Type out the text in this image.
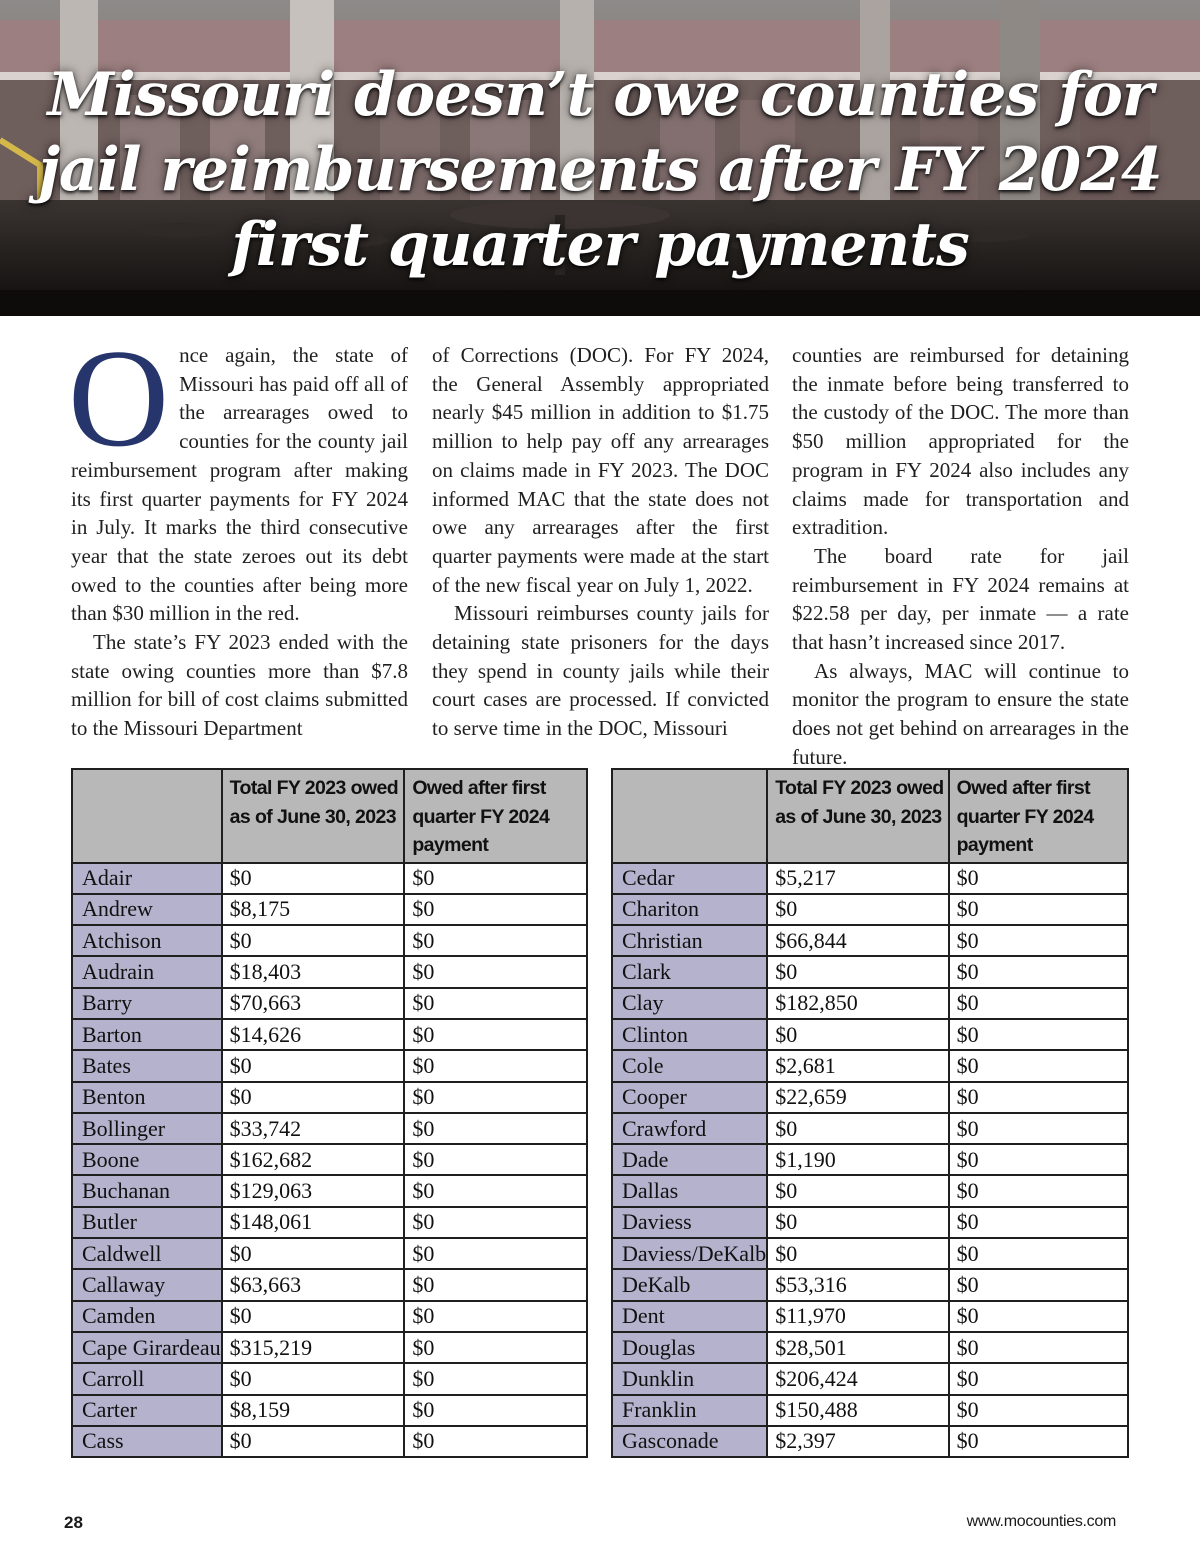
Missouri doesn’t owe counties for
jail reimbursements after FY 2024
first quarter payments

Once again, the state of Missouri has paid off all of the arrearages owed to counties for the county jail reimbursement program after making its first quarter payments for FY 2024 in July. It marks the third consecutive year that the state zeroes out its debt owed to the counties after being more than $30 million in the red.

The state’s FY 2023 ended with the state owing counties more than $7.8 million for bill of cost claims submitted to the Missouri Department

of Corrections (DOC). For FY 2024, the General Assembly appropriated nearly $45 million in addition to $1.75 million to help pay off any arrearages on claims made in FY 2023. The DOC informed MAC that the state does not owe any arrearages after the first quarter payments were made at the start of the new fiscal year on July 1, 2022.

Missouri reimburses county jails for detaining state prisoners for the days they spend in county jails while their court cases are processed. If convicted to serve time in the DOC, Missouri

counties are reimbursed for detaining the inmate before being transferred to the custody of the DOC. The more than $50 million appropriated for the program in FY 2024 also includes any claims made for transportation and extradition.

The board rate for jail reimbursement in FY 2024 remains at $22.58 per day, per inmate — a rate that hasn’t increased since 2017.

As always, MAC will continue to monitor the program to ensure the state does not get behind on arrearages in the future.

	Total FY 2023 owed as of June 30, 2023	Owed after first quarter FY 2024 payment
Adair	$0	$0
Andrew	$8,175	$0
Atchison	$0	$0
Audrain	$18,403	$0
Barry	$70,663	$0
Barton	$14,626	$0
Bates	$0	$0
Benton	$0	$0
Bollinger	$33,742	$0
Boone	$162,682	$0
Buchanan	$129,063	$0
Butler	$148,061	$0
Caldwell	$0	$0
Callaway	$63,663	$0
Camden	$0	$0
Cape Girardeau	$315,219	$0
Carroll	$0	$0
Carter	$8,159	$0
Cass	$0	$0
	Total FY 2023 owed as of June 30, 2023	Owed after first quarter FY 2024 payment
Cedar	$5,217	$0
Chariton	$0	$0
Christian	$66,844	$0
Clark	$0	$0
Clay	$182,850	$0
Clinton	$0	$0
Cole	$2,681	$0
Cooper	$22,659	$0
Crawford	$0	$0
Dade	$1,190	$0
Dallas	$0	$0
Daviess	$0	$0
Daviess/DeKalb	$0	$0
DeKalb	$53,316	$0
Dent	$11,970	$0
Douglas	$28,501	$0
Dunklin	$206,424	$0
Franklin	$150,488	$0
Gasconade	$2,397	$0
28	www.mocounties.com
